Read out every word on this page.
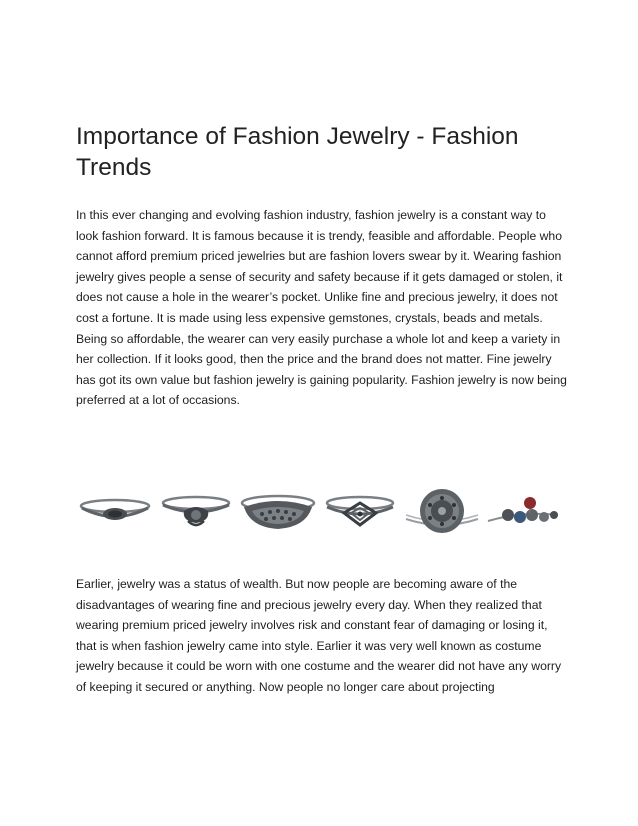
Importance of Fashion Jewelry - Fashion Trends

In this ever changing and evolving fashion industry, fashion jewelry is a constant way to look fashion forward. It is famous because it is trendy, feasible and affordable. People who cannot afford premium priced jewelries but are fashion lovers swear by it. Wearing fashion jewelry gives people a sense of security and safety because if it gets damaged or stolen, it does not cause a hole in the wearer’s pocket. Unlike fine and precious jewelry, it does not cost a fortune. It is made using less expensive gemstones, crystals, beads and metals. Being so affordable, the wearer can very easily purchase a whole lot and keep a variety in her collection. If it looks good, then the price and the brand does not matter. Fine jewelry has got its own value but fashion jewelry is gaining popularity. Fashion jewelry is now being preferred at a lot of occasions.

Earlier, jewelry was a status of wealth. But now people are becoming aware of the disadvantages of wearing fine and precious jewelry every day. When they realized that wearing premium priced jewelry involves risk and constant fear of damaging or losing it, that is when fashion jewelry came into style. Earlier it was very well known as costume jewelry because it could be worn with one costume and the wearer did not have any worry of keeping it secured or anything. Now people no longer care about projecting
